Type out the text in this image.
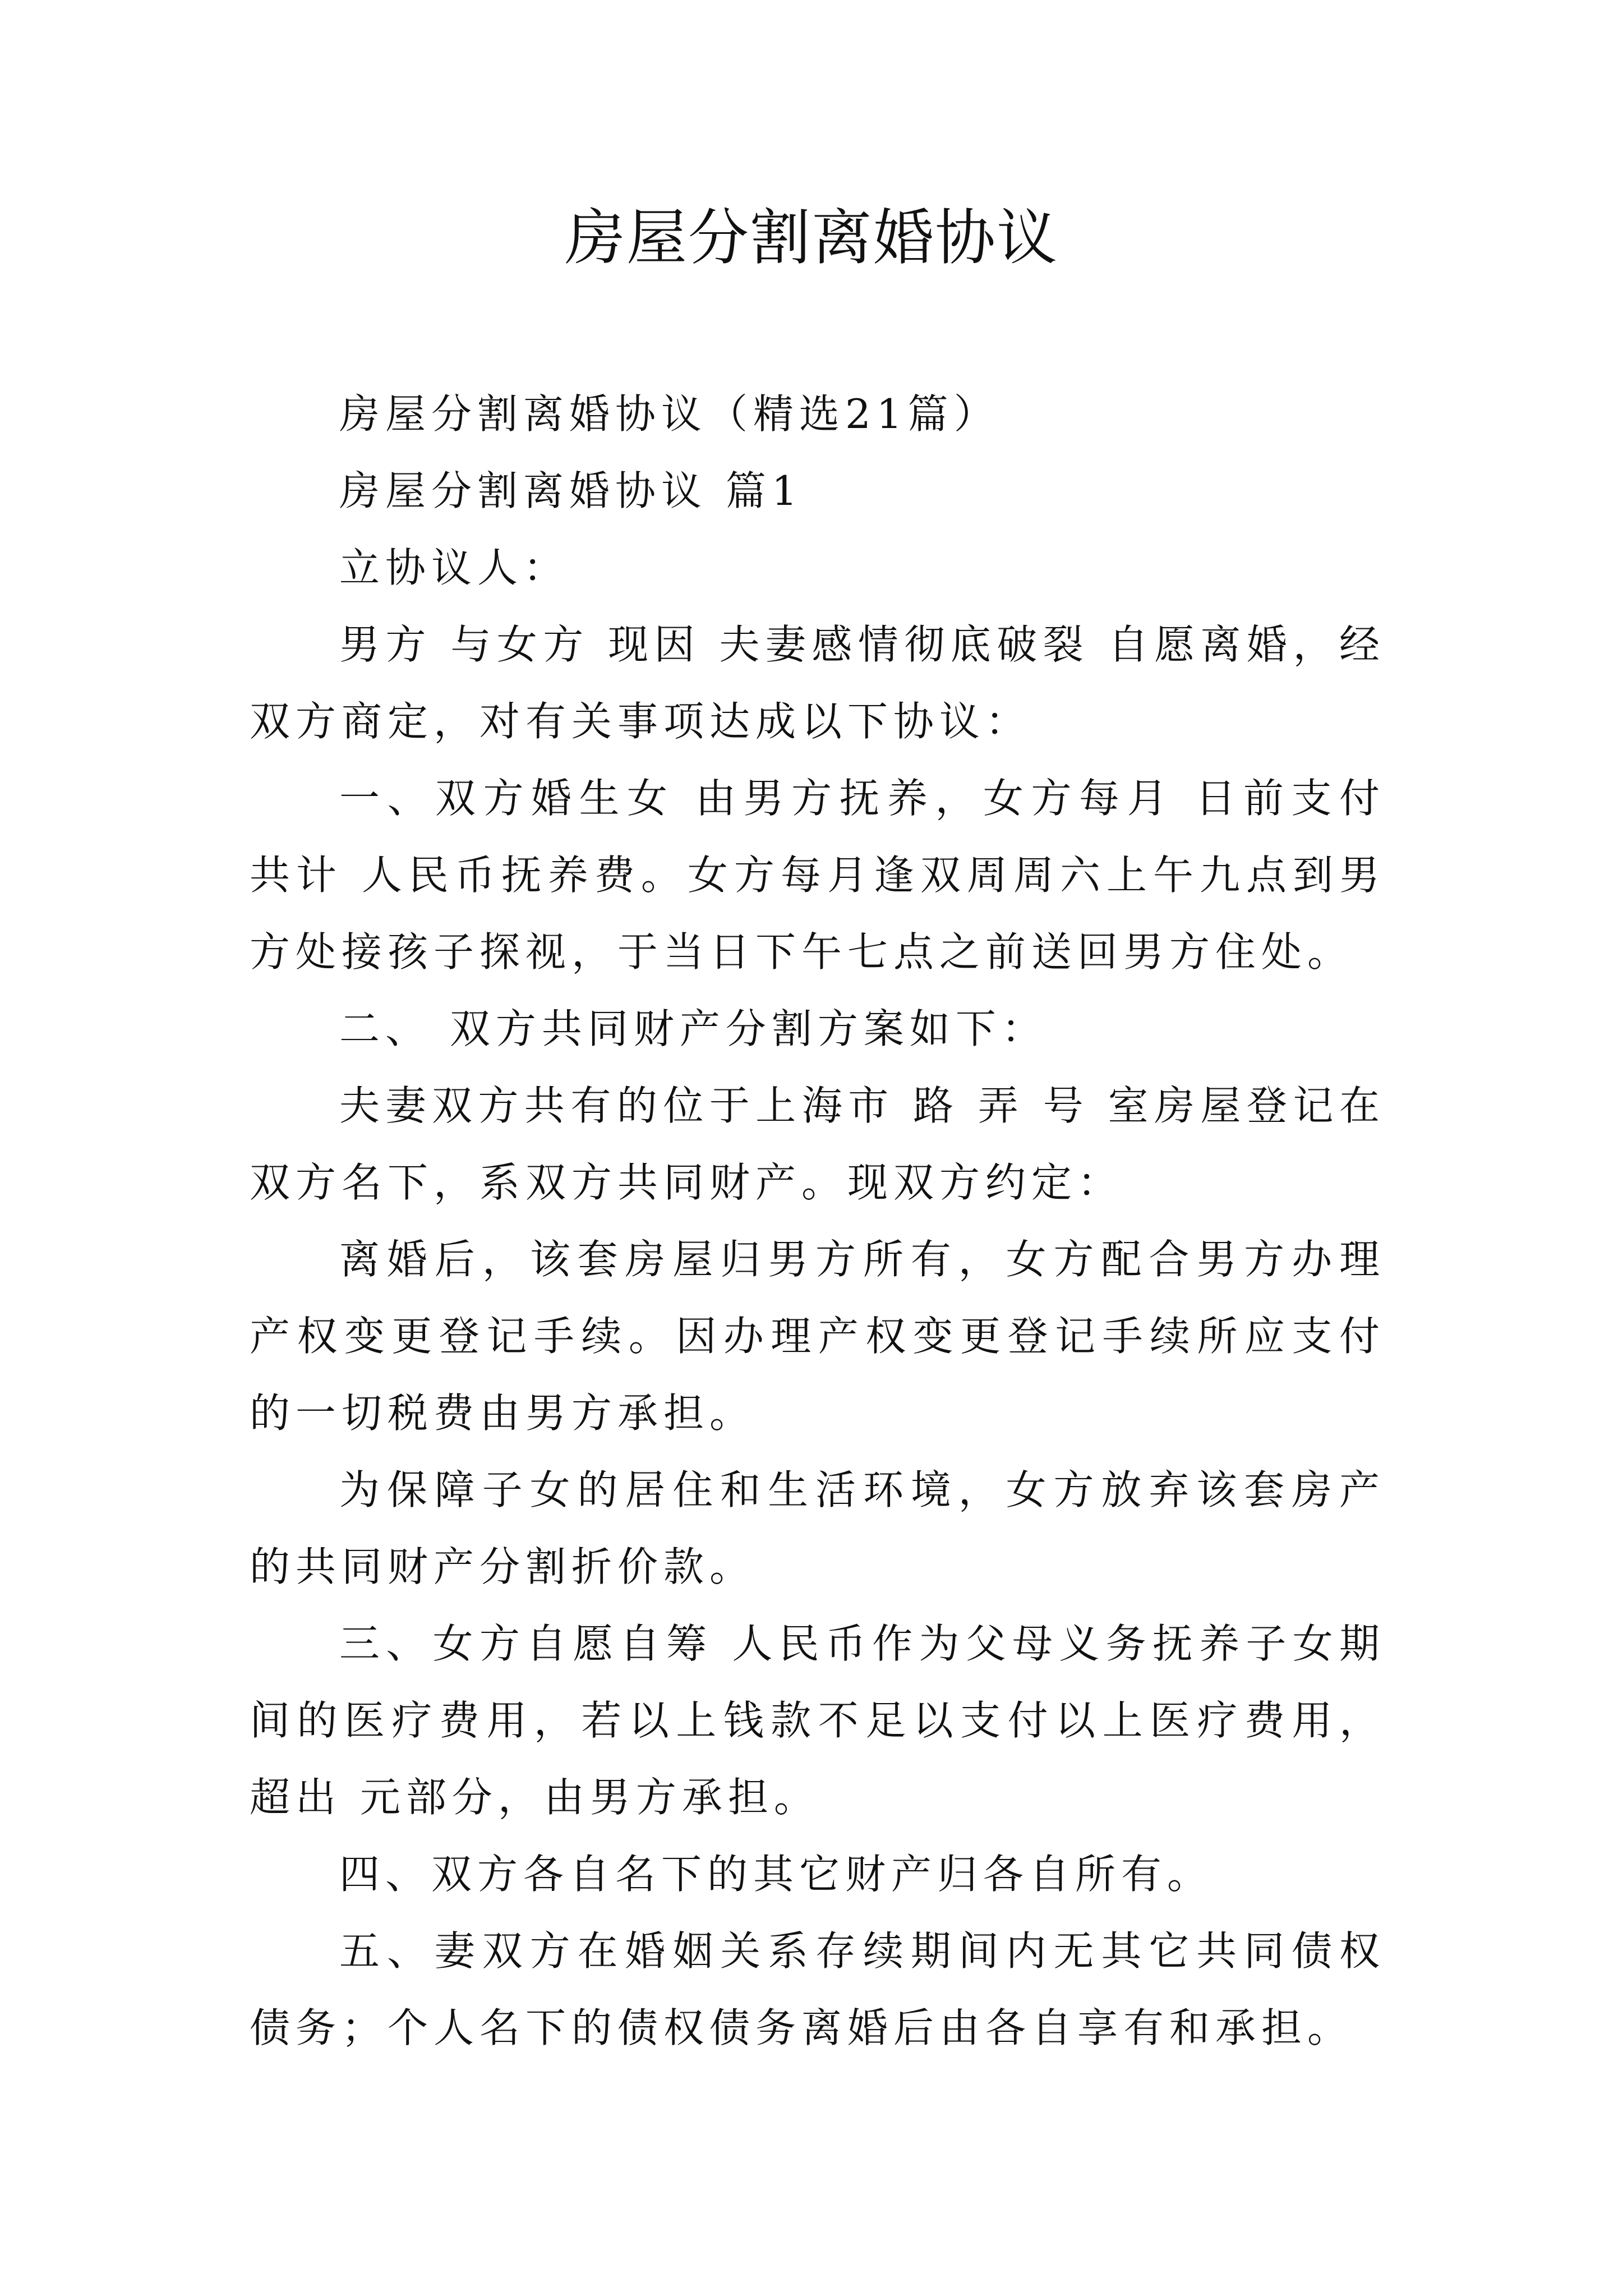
房屋分割离婚协议

房屋分割离婚协议（精选21篇）

房屋分割离婚协议 篇1

立协议人：

男方 与女方 现因 夫妻感情彻底破裂 自愿离婚，经双方商定，对有关事项达成以下协议：

一、双方婚生女 由男方抚养，女方每月 日前支付共计 人民币抚养费。女方每月逢双周周六上午九点到男方处接孩子探视，于当日下午七点之前送回男方住处。

二、 双方共同财产分割方案如下：

夫妻双方共有的位于上海市 路 弄 号 室房屋登记在双方名下，系双方共同财产。现双方约定：

离婚后，该套房屋归男方所有，女方配合男方办理产权变更登记手续。因办理产权变更登记手续所应支付的一切税费由男方承担。

为保障子女的居住和生活环境，女方放弃该套房产的共同财产分割折价款。

三、女方自愿自筹 人民币作为父母义务抚养子女期间的医疗费用，若以上钱款不足以支付以上医疗费用，超出 元部分，由男方承担。

四、双方各自名下的其它财产归各自所有。

五、妻双方在婚姻关系存续期间内无其它共同债权债务；个人名下的债权债务离婚后由各自享有和承担。
